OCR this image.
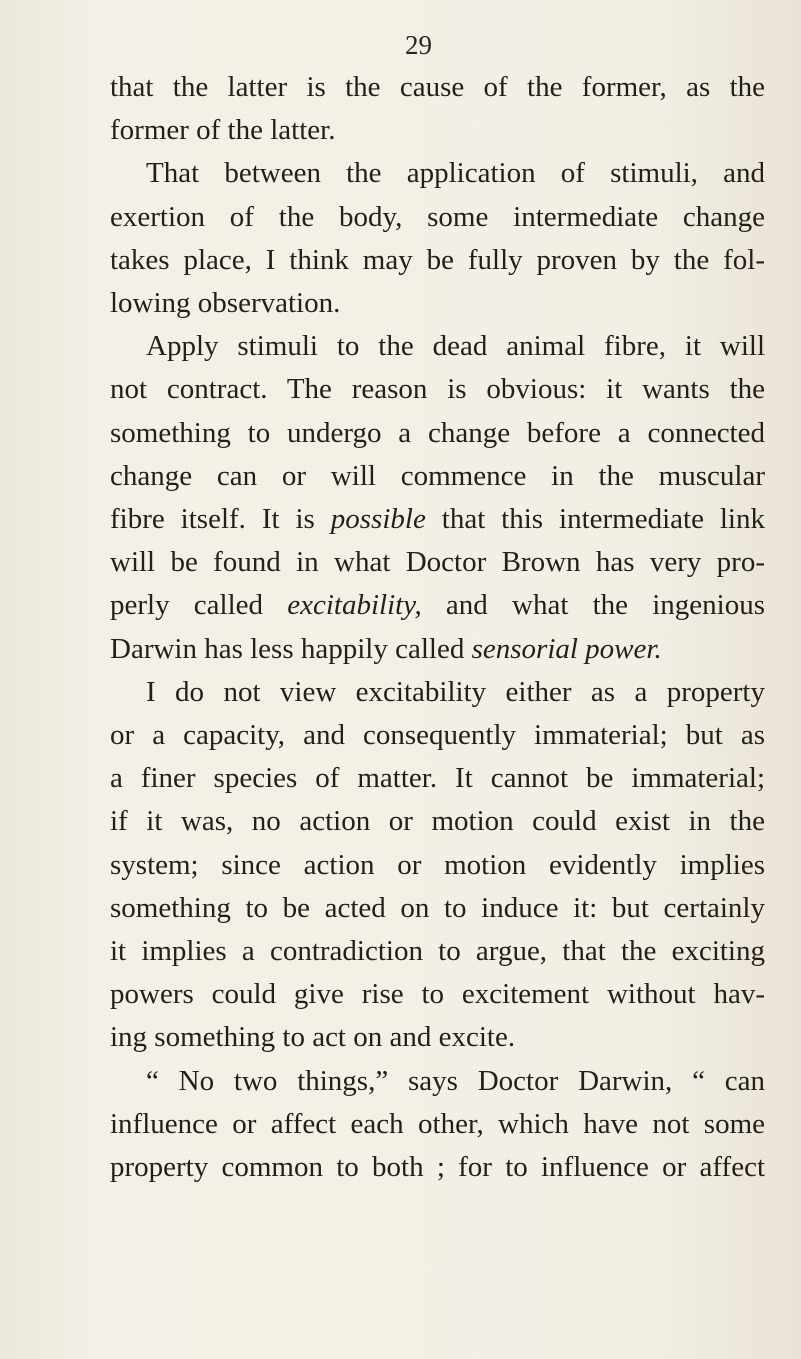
29
that the latter is the cause of the former, as the
former of the latter.
That between the application of stimuli, and
exertion of the body, some intermediate change
takes place, I think may be fully proven by the fol-
lowing observation.
Apply stimuli to the dead animal fibre, it will
not contract. The reason is obvious: it wants the
something to undergo a change before a connected
change can or will commence in the muscular
fibre itself. It is possible that this intermediate link
will be found in what Doctor Brown has very pro-
perly called excitability, and what the ingenious
Darwin has less happily called sensorial power.
I do not view excitability either as a property
or a capacity, and consequently immaterial; but as
a finer species of matter. It cannot be immaterial;
if it was, no action or motion could exist in the
system; since action or motion evidently implies
something to be acted on to induce it: but certainly
it implies a contradiction to argue, that the exciting
powers could give rise to excitement without hav-
ing something to act on and excite.
“ No two things,” says Doctor Darwin, “ can
influence or affect each other, which have not some
property common to both ; for to influence or affect
